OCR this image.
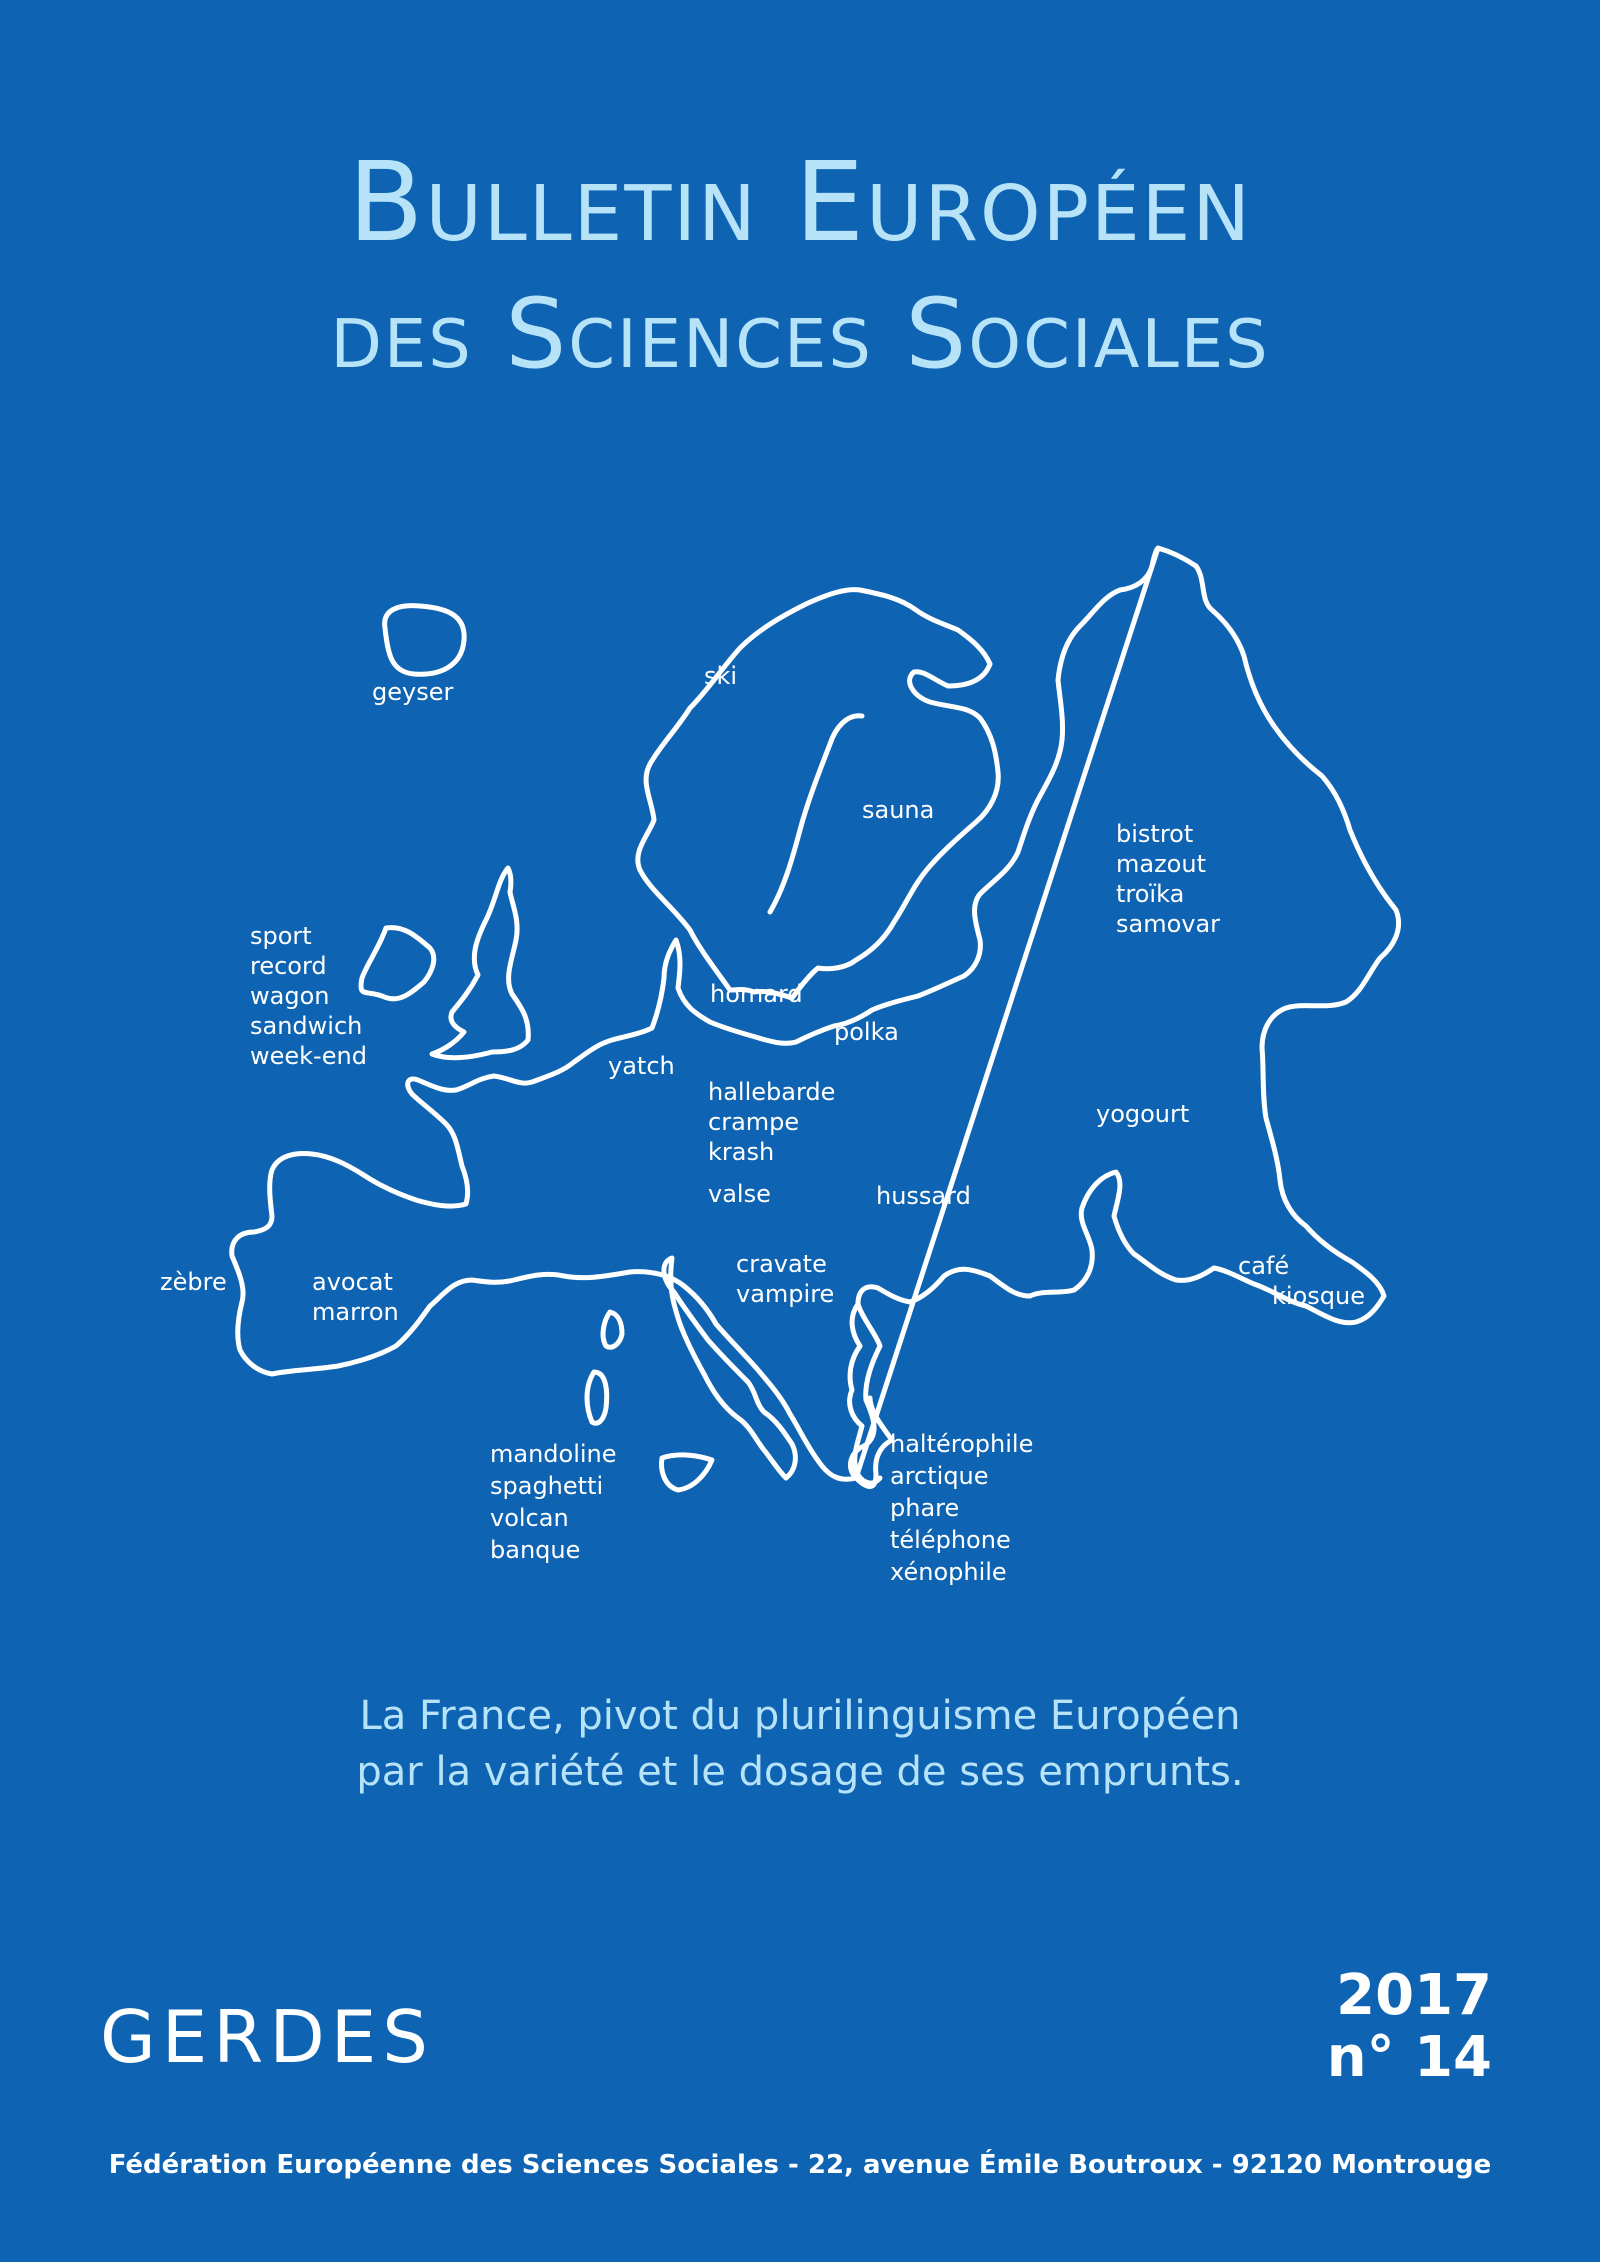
Bulletin Européen
des Sciences Sociales
geyser
ski
sauna
bistrot mazout troïka samovar
sport record wagon sandwich week-end
homard
polka
yatch
hallebarde crampe krash
valse	hussard
yogourt
cravate vampire
zèbre	avocat marron
café kiosque
mandoline spaghetti volcan banque
haltérophile arctique phare téléphone xénophile

La France, pivot du plurilinguisme Européen
par la variété et le dosage de ses emprunts.

GERDES	2017
n° 14
Fédération Européenne des Sciences Sociales - 22, avenue Émile Boutroux - 92120 Montrouge
